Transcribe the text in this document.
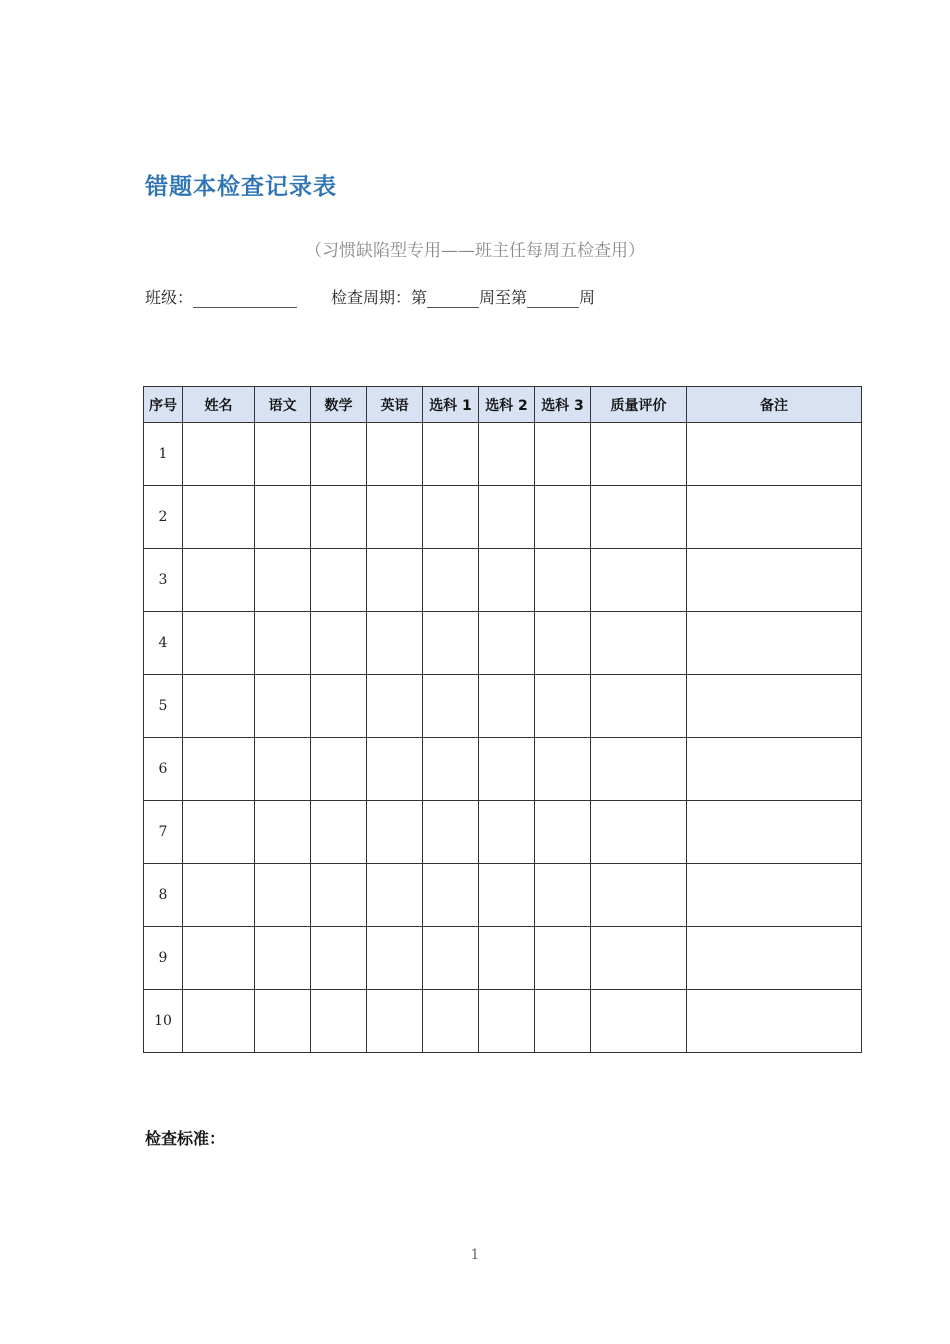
错题本检查记录表
（习惯缺陷型专用——班主任每周五检查用）
班级：	检查周期：第	周至第	周
序号	姓名	语文	数学	英语	选科 1	选科 2	选科 3	质量评价	备注
1									
2									
3									
4									
5									
6									
7									
8									
9									
10									
检查标准：
1
